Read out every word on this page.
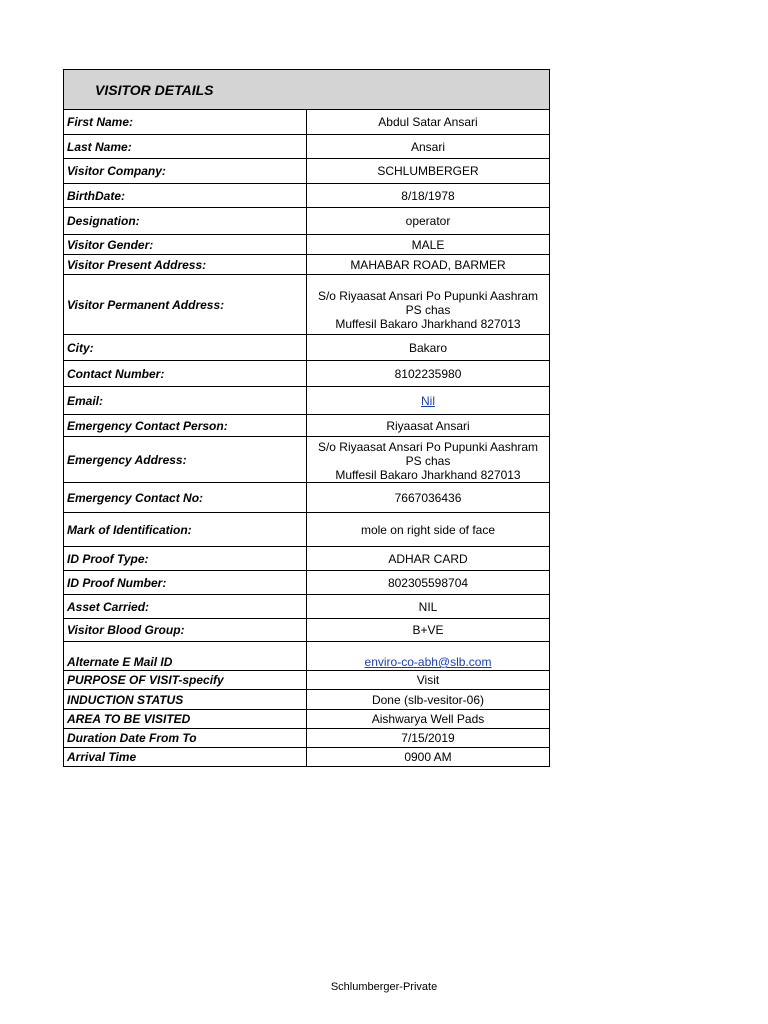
VISITOR DETAILS	
First Name:	Abdul Satar Ansari
Last Name:	Ansari
Visitor Company:	SCHLUMBERGER
BirthDate:	8/18/1978
Designation:	operator
Visitor Gender:	MALE
Visitor Present Address:	MAHABAR ROAD, BARMER
Visitor Permanent Address:	S/o Riyaasat Ansari Po Pupunki Aashram PS chas
Muffesil Bakaro Jharkhand 827013
City:	Bakaro
Contact Number:	8102235980
Email:	Nil
Emergency Contact Person:	Riyaasat Ansari
Emergency Address:	S/o Riyaasat Ansari Po Pupunki Aashram PS chas
Muffesil Bakaro Jharkhand 827013
Emergency Contact No:	7667036436
Mark of Identification:	mole on right side of face
ID Proof Type:	ADHAR CARD
ID Proof Number:	802305598704
Asset Carried:	NIL
Visitor Blood Group:	B+VE
Alternate E Mail ID	enviro-co-abh@slb.com
PURPOSE OF VISIT-specify	Visit
INDUCTION STATUS	Done (slb-vesitor-06)
AREA TO BE VISITED	Aishwarya Well Pads
Duration Date From To	7/15/2019
Arrival Time	0900 AM
Schlumberger-Private
